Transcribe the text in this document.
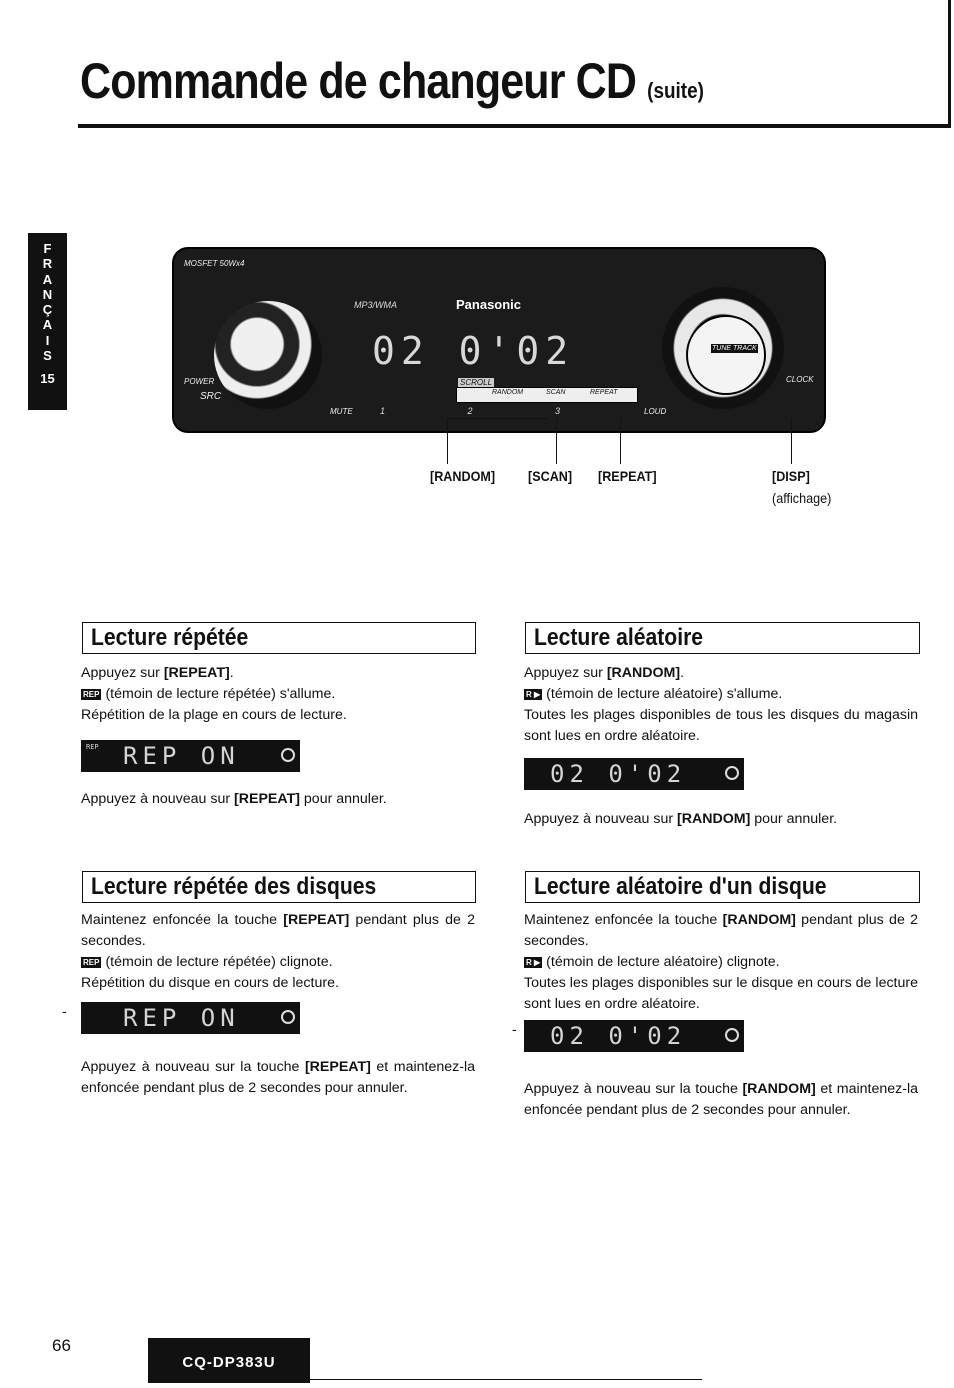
Commande de changeur CD (suite)
F
R
A
N
Ç
A
I
S
15
MOSFET 50Wx4
POWER
SRC
MP3/WMA	Panasonic
02 0'02
SCROLL
RANDOM	SCAN	REPEAT
MUTE	1 2 3	LOUD
TUNE TRACK
CLOCK
[RANDOM] [SCAN] [REPEAT]	[DISP]
(affichage)
Lecture répétée

Appuyez sur [REPEAT].

REP (témoin de lecture répétée) s'allume.

Répétition de la plage en cours de lecture.

REP REP ON

Appuyez à nouveau sur [REPEAT] pour annuler.

Lecture aléatoire

Appuyez sur [RANDOM].

R ▶ (témoin de lecture aléatoire) s'allume.

Toutes les plages disponibles de tous les disques du magasin sont lues en ordre aléatoire.

02 0'02

Appuyez à nouveau sur [RANDOM] pour annuler.

Lecture répétée des disques

Maintenez enfoncée la touche [REPEAT] pendant plus de 2 secondes.

REP (témoin de lecture répétée) clignote.

Répétition du disque en cours de lecture.

- REP ON

Appuyez à nouveau sur la touche [REPEAT] et maintenez-la enfoncée pendant plus de 2 secondes pour annuler.

Lecture aléatoire d'un disque

Maintenez enfoncée la touche [RANDOM] pendant plus de 2 secondes.

R ▶ (témoin de lecture aléatoire) clignote.

Toutes les plages disponibles sur le disque en cours de lecture sont lues en ordre aléatoire.

- 02 0'02

Appuyez à nouveau sur la touche [RANDOM] et maintenez-la enfoncée pendant plus de 2 secondes pour annuler.

66
CQ-DP383U
